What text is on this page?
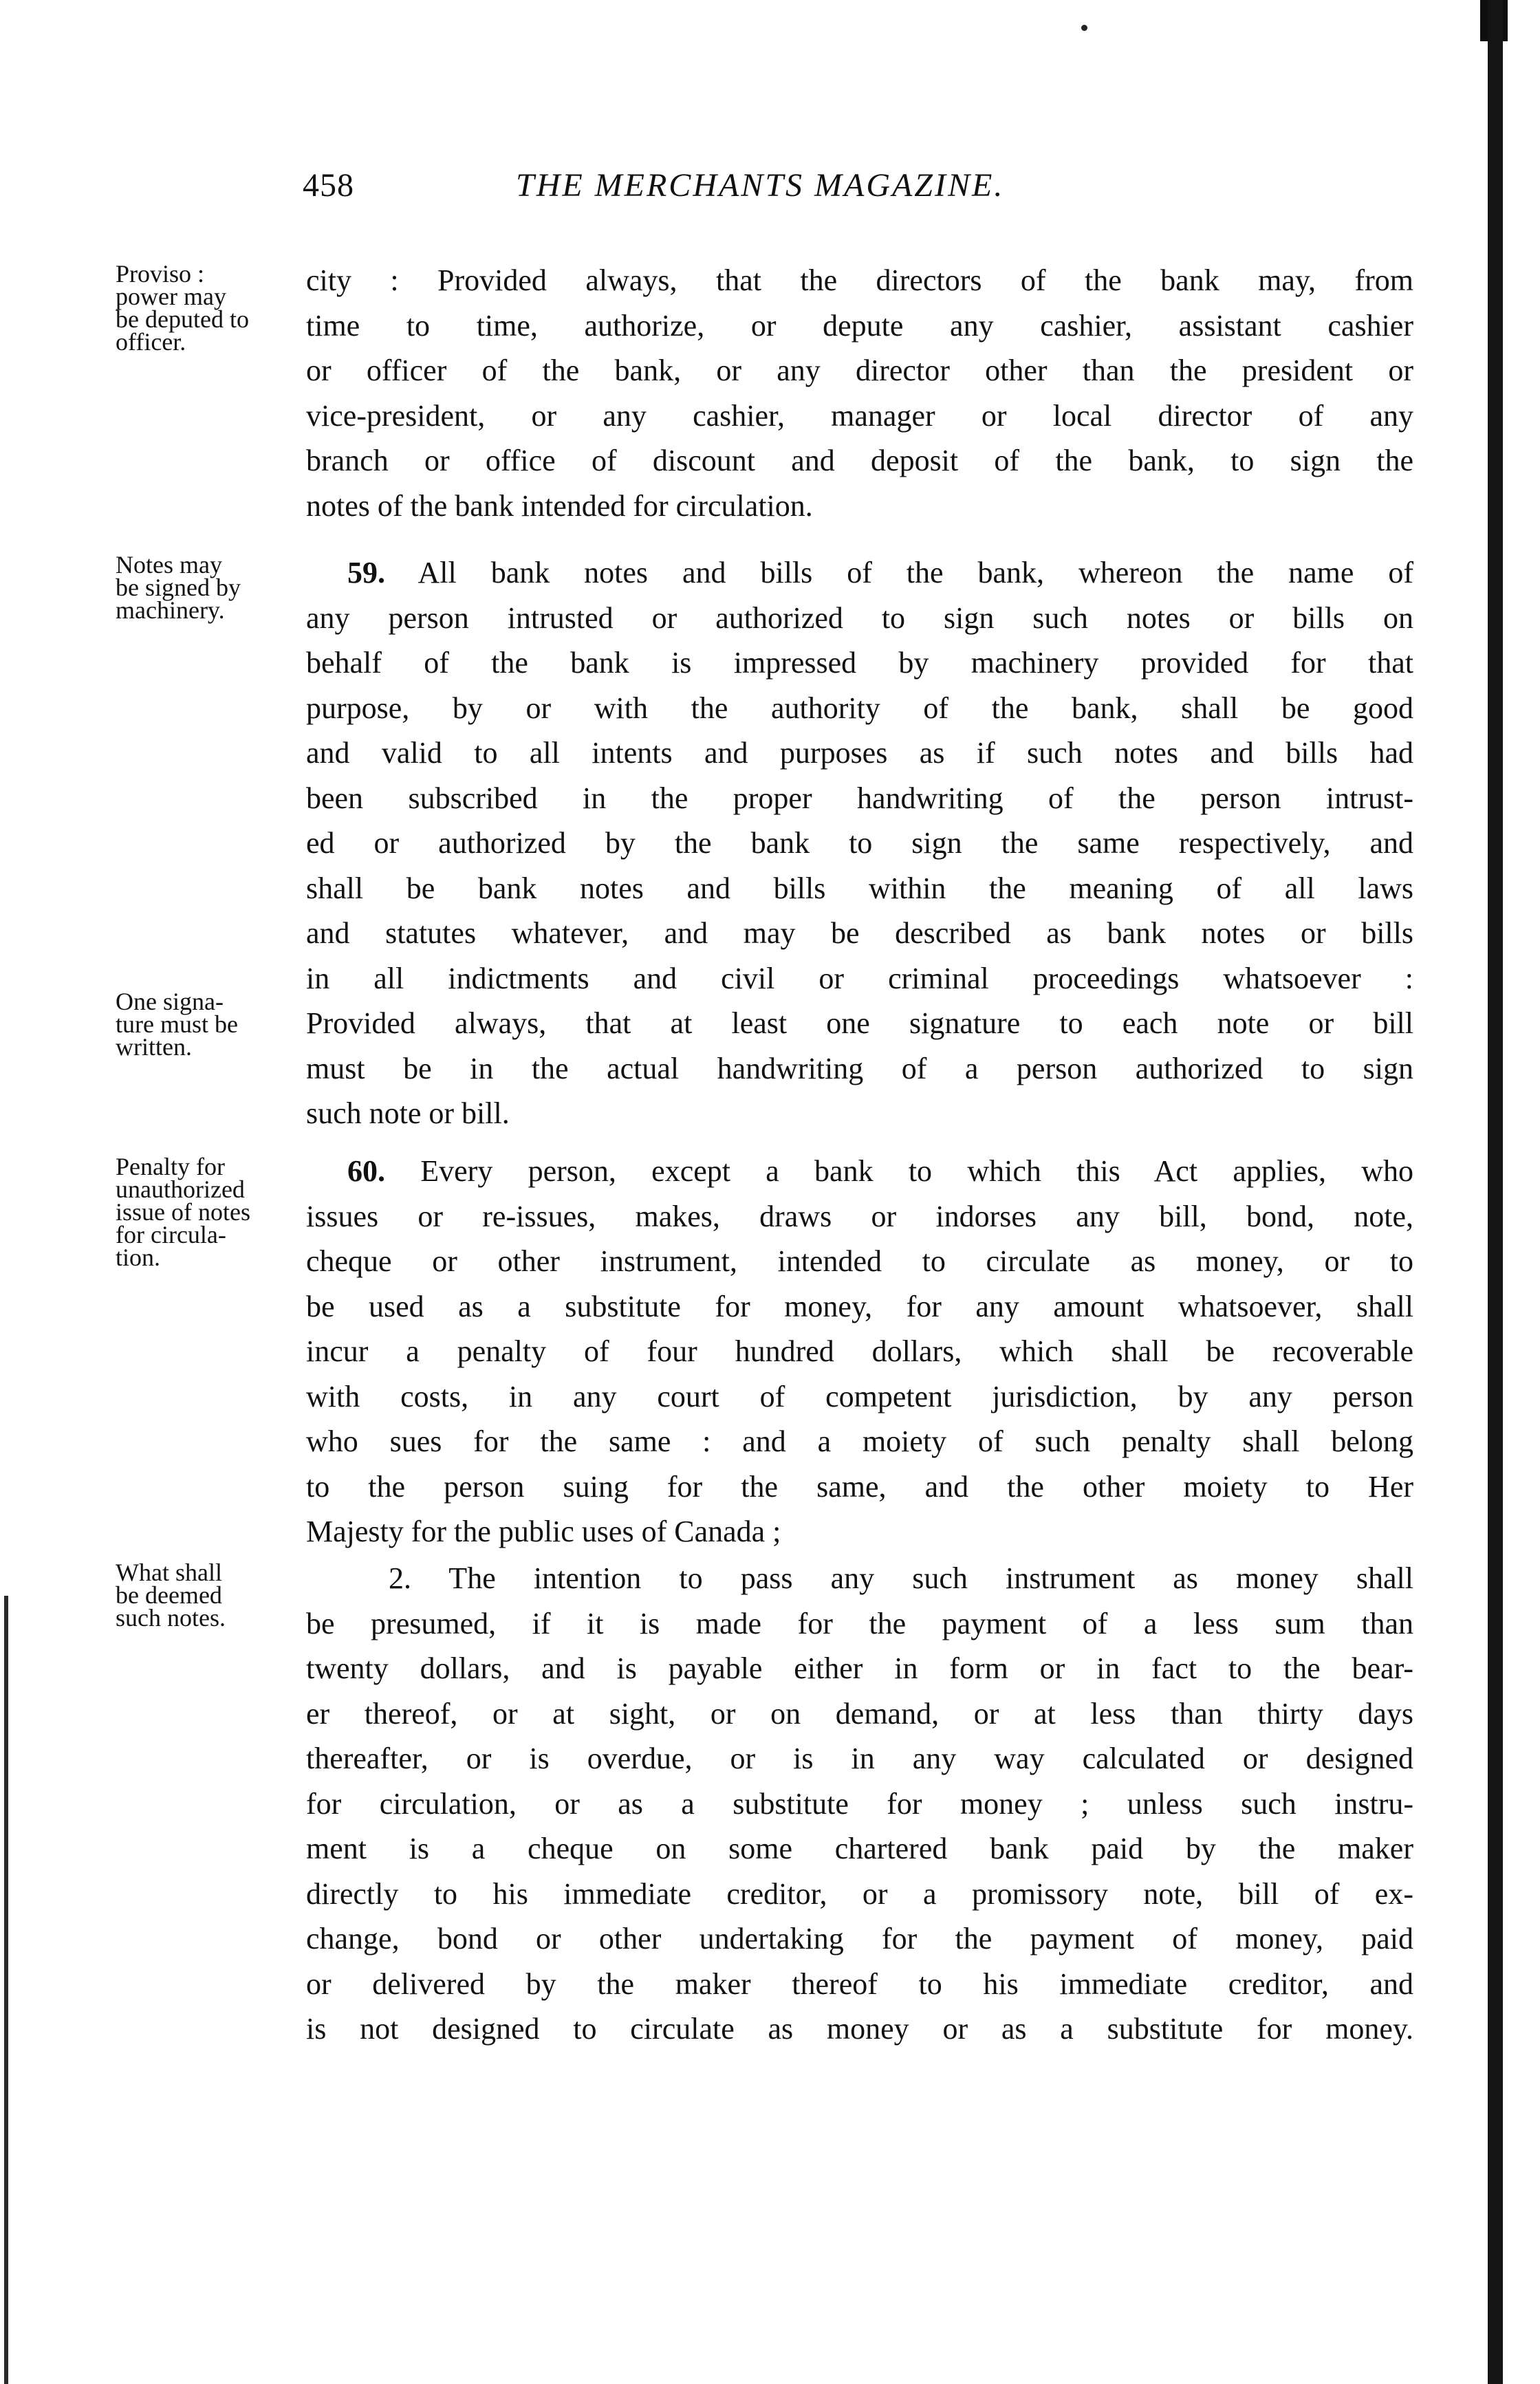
458	THE MERCHANTS MAGAZINE.
Proviso :
power may
be deputed to
officer.
Notes may
be signed by
machinery.
One signa-
ture must be
written.
Penalty for
unauthorized
issue of notes
for circula-
tion.
What shall
be deemed
such notes.
city : Provided always, that the directors of the bank may, from
time to time, authorize, or depute any cashier, assistant cashier
or officer of the bank, or any director other than the president or
vice-president, or any cashier, manager or local director of any
branch or office of discount and deposit of the bank, to sign the
notes of the bank intended for circulation.
59. All bank notes and bills of the bank, whereon the name of
any person intrusted or authorized to sign such notes or bills on
behalf of the bank is impressed by machinery provided for that
purpose, by or with the authority of the bank, shall be good
and valid to all intents and purposes as if such notes and bills had
been subscribed in the proper handwriting of the person intrust-
ed or authorized by the bank to sign the same respectively, and
shall be bank notes and bills within the meaning of all laws
and statutes whatever, and may be described as bank notes or bills
in all indictments and civil or criminal proceedings whatsoever :
Provided always, that at least one signature to each note or bill
must be in the actual handwriting of a person authorized to sign
such note or bill.
60. Every person, except a bank to which this Act applies, who
issues or re-issues, makes, draws or indorses any bill, bond, note,
cheque or other instrument, intended to circulate as money, or to
be used as a substitute for money, for any amount whatsoever, shall
incur a penalty of four hundred dollars, which shall be recoverable
with costs, in any court of competent jurisdiction, by any person
who sues for the same : and a moiety of such penalty shall belong
to the person suing for the same, and the other moiety to Her
Majesty for the public uses of Canada ;
2. The intention to pass any such instrument as money shall
be presumed, if it is made for the payment of a less sum than
twenty dollars, and is payable either in form or in fact to the bear-
er thereof, or at sight, or on demand, or at less than thirty days
thereafter, or is overdue, or is in any way calculated or designed
for circulation, or as a substitute for money ; unless such instru-
ment is a cheque on some chartered bank paid by the maker
directly to his immediate creditor, or a promissory note, bill of ex-
change, bond or other undertaking for the payment of money, paid
or delivered by the maker thereof to his immediate creditor, and
is not designed to circulate as money or as a substitute for money.
